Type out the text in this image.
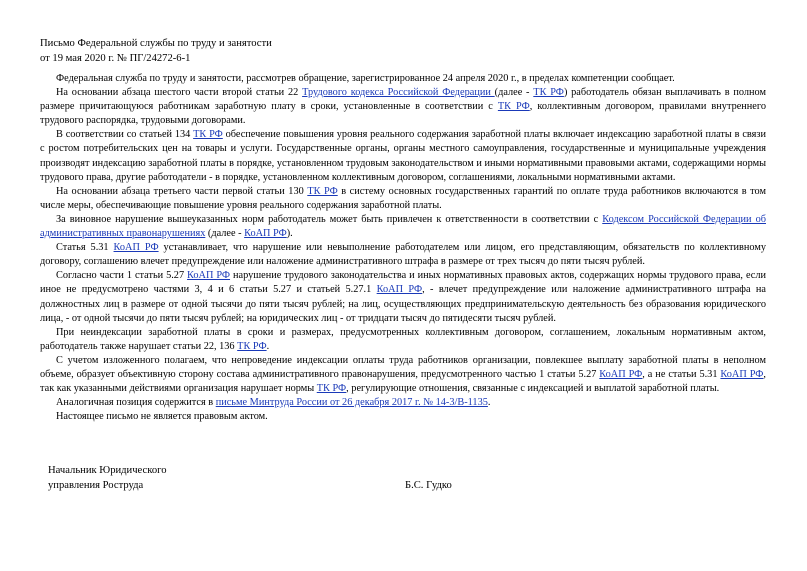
Письмо Федеральной службы по труду и занятости
от 19 мая 2020 г. № ПГ/24272-6-1

Федеральная служба по труду и занятости, рассмотрев обращение, зарегистрированное 24 апреля 2020 г., в пределах компетенции сообщает.

На основании абзаца шестого части второй статьи 22 Трудового кодекса Российской Федерации (далее - ТК РФ) работодатель обязан выплачивать в полном размере причитающуюся работникам заработную плату в сроки, установленные в соответствии с ТК РФ, коллективным договором, правилами внутреннего трудового распорядка, трудовыми договорами.

В соответствии со статьей 134 ТК РФ обеспечение повышения уровня реального содержания заработной платы включает индексацию заработной платы в связи с ростом потребительских цен на товары и услуги. Государственные органы, органы местного самоуправления, государственные и муниципальные учреждения производят индексацию заработной платы в порядке, установленном трудовым законодательством и иными нормативными правовыми актами, содержащими нормы трудового права, другие работодатели - в порядке, установленном коллективным договором, соглашениями, локальными нормативными актами.

На основании абзаца третьего части первой статьи 130 ТК РФ в систему основных государственных гарантий по оплате труда работников включаются в том числе меры, обеспечивающие повышение уровня реального содержания заработной платы.

За виновное нарушение вышеуказанных норм работодатель может быть привлечен к ответственности в соответствии с Кодексом Российской Федерации об административных правонарушениях (далее - КоАП РФ).

Статья 5.31 КоАП РФ устанавливает, что нарушение или невыполнение работодателем или лицом, его представляющим, обязательств по коллективному договору, соглашению влечет предупреждение или наложение административного штрафа в размере от трех тысяч до пяти тысяч рублей.

Согласно части 1 статьи 5.27 КоАП РФ нарушение трудового законодательства и иных нормативных правовых актов, содержащих нормы трудового права, если иное не предусмотрено частями 3, 4 и 6 статьи 5.27 и статьей 5.27.1 КоАП РФ, - влечет предупреждение или наложение административного штрафа на должностных лиц в размере от одной тысячи до пяти тысяч рублей; на лиц, осуществляющих предпринимательскую деятельность без образования юридического лица, - от одной тысячи до пяти тысяч рублей; на юридических лиц - от тридцати тысяч до пятидесяти тысяч рублей.

При неиндексации заработной платы в сроки и размерах, предусмотренных коллективным договором, соглашением, локальным нормативным актом, работодатель также нарушает статьи 22, 136 ТК РФ.

С учетом изложенного полагаем, что непроведение индексации оплаты труда работников организации, повлекшее выплату заработной платы в неполном объеме, образует объективную сторону состава административного правонарушения, предусмотренного частью 1 статьи 5.27 КоАП РФ, а не статьи 5.31 КоАП РФ, так как указанными действиями организация нарушает нормы ТК РФ, регулирующие отношения, связанные с индексацией и выплатой заработной платы.

Аналогичная позиция содержится в письме Минтруда России от 26 декабря 2017 г. № 14-3/В-1135.

Настоящее письмо не является правовым актом.

Начальник Юридического
управления Роструда	Б.С. Гудко
